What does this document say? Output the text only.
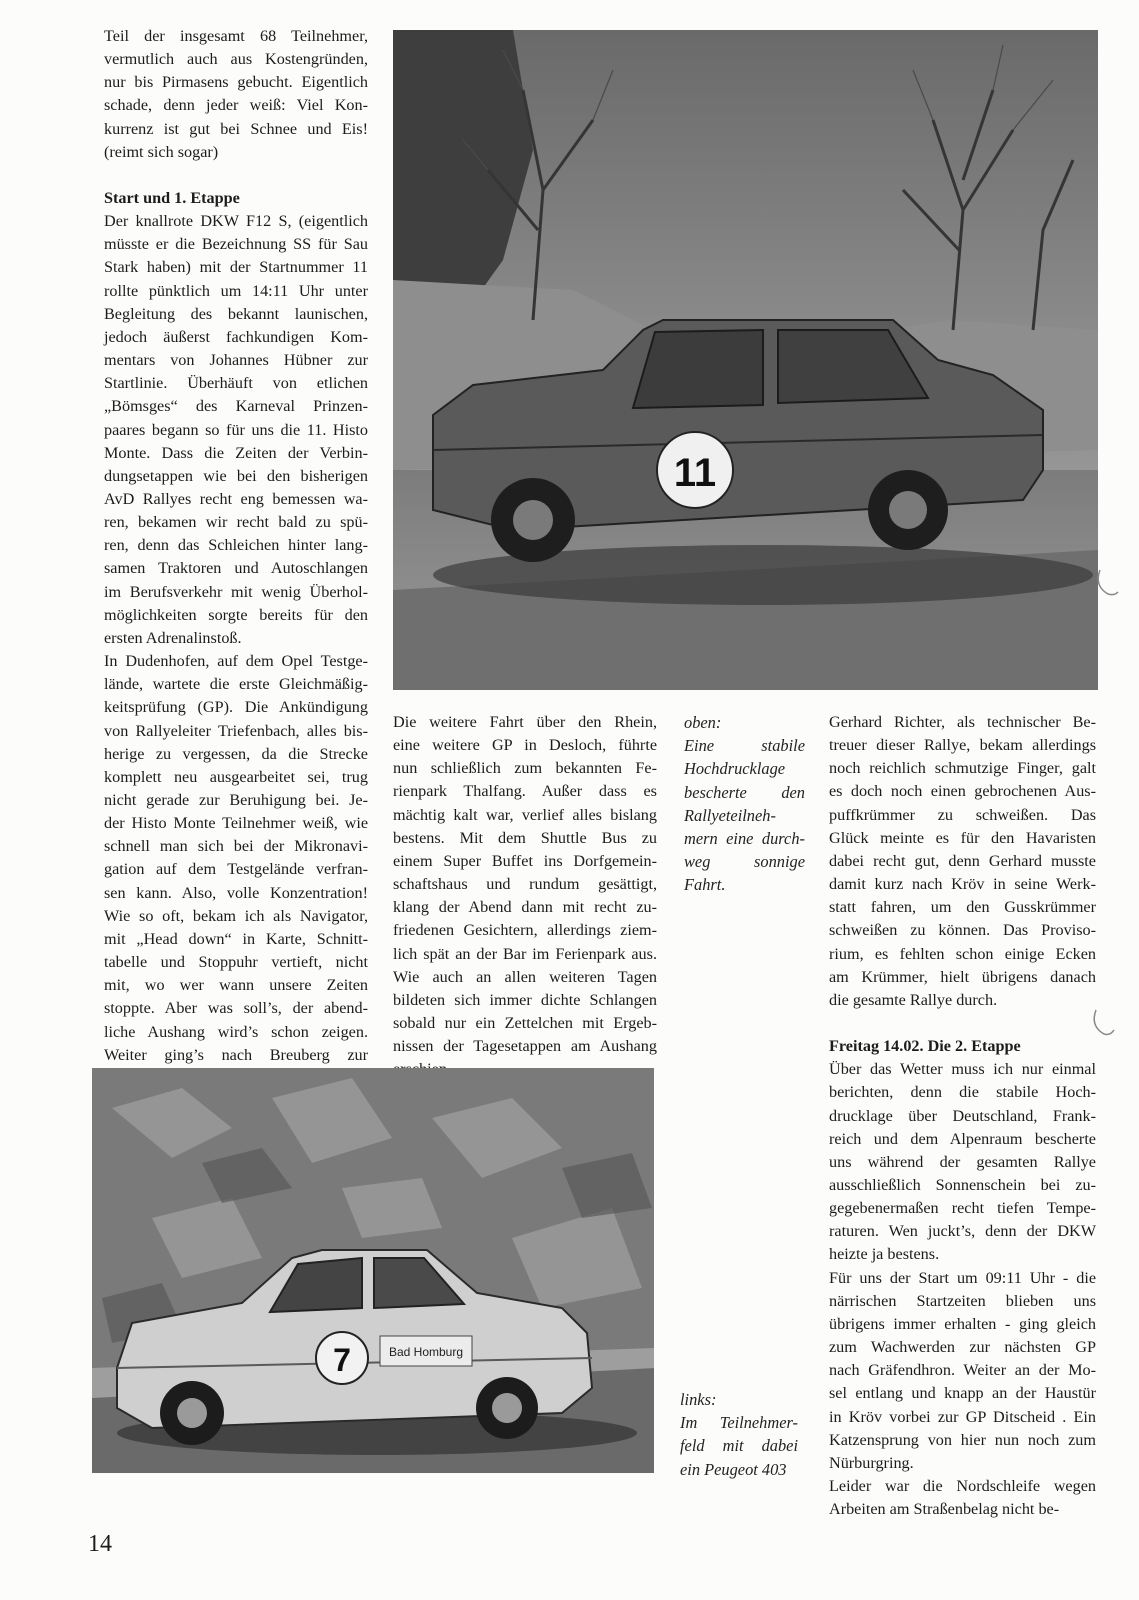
Teil der insgesamt 68 Teilnehmer,
vermutlich auch aus Kostengründen,
nur bis Pirmasens gebucht. Eigentlich
schade, denn jeder weiß: Viel Kon-
kurrenz ist gut bei Schnee und Eis!
(reimt sich sogar)
Start und 1. Etappe
Der knallrote DKW F12 S, (eigentlich
müsste er die Bezeichnung SS für Sau
Stark haben) mit der Startnummer 11
rollte pünktlich um 14:11 Uhr unter
Begleitung des bekannt launischen,
jedoch äußerst fachkundigen Kom-
mentars von Johannes Hübner zur
Startlinie. Überhäuft von etlichen
„Bömsges“ des Karneval Prinzen-
paares begann so für uns die 11. Histo
Monte. Dass die Zeiten der Verbin-
dungsetappen wie bei den bisherigen
AvD Rallyes recht eng bemessen wa-
ren, bekamen wir recht bald zu spü-
ren, denn das Schleichen hinter lang-
samen Traktoren und Autoschlangen
im Berufsverkehr mit wenig Überhol-
möglichkeiten sorgte bereits für den
ersten Adrenalinstoß.
In Dudenhofen, auf dem Opel Testge-
lände, wartete die erste Gleichmäßig-
keitsprüfung (GP). Die Ankündigung
von Rallyeleiter Triefenbach, alles bis-
herige zu vergessen, da die Strecke
komplett neu ausgearbeitet sei, trug
nicht gerade zur Beruhigung bei. Je-
der Histo Monte Teilnehmer weiß, wie
schnell man sich bei der Mikronavi-
gation auf dem Testgelände verfran-
sen kann. Also, volle Konzentration!
Wie so oft, bekam ich als Navigator,
mit „Head down“ in Karte, Schnitt-
tabelle und Stoppuhr vertieft, nicht
mit, wo wer wann unsere Zeiten
stoppte. Aber was soll’s, der abend-
liche Aushang wird’s schon zeigen.
Weiter ging’s nach Breuberg zur
11
Die weitere Fahrt über den Rhein,
eine weitere GP in Desloch, führte
nun schließlich zum bekannten Fe-
rienpark Thalfang. Außer dass es
mächtig kalt war, verlief alles bislang
bestens. Mit dem Shuttle Bus zu
einem Super Buffet ins Dorfgemein-
schaftshaus und rundum gesättigt,
klang der Abend dann mit recht zu-
friedenen Gesichtern, allerdings ziem-
lich spät an der Bar im Ferienpark aus.
Wie auch an allen weiteren Tagen
bildeten sich immer dichte Schlangen
sobald nur ein Zettelchen mit Ergeb-
nissen der Tagesetappen am Aushang
oben:
Eine stabile
Hochdrucklage
bescherte den
Rallyeteilneh-
mern eine durch-
weg sonnige
Fahrt.
Gerhard Richter, als technischer Be-
treuer dieser Rallye, bekam allerdings
noch reichlich schmutzige Finger, galt
es doch noch einen gebrochenen Aus-
puffkrümmer zu schweißen. Das
Glück meinte es für den Havaristen
dabei recht gut, denn Gerhard musste
damit kurz nach Kröv in seine Werk-
statt fahren, um den Gusskrümmer
schweißen zu können. Das Proviso-
rium, es fehlten schon einige Ecken
am Krümmer, hielt übrigens danach
die gesamte Rallye durch.
Freitag 14.02. Die 2. Etappe
Über das Wetter muss ich nur einmal
berichten, denn die stabile Hoch-
drucklage über Deutschland, Frank-
reich und dem Alpenraum bescherte
uns während der gesamten Rallye
ausschließlich Sonnenschein bei zu-
gegebenermaßen recht tiefen Tempe-
raturen. Wen juckt’s, denn der DKW
heizte ja bestens.
Für uns der Start um 09:11 Uhr - die
närrischen Startzeiten blieben uns
übrigens immer erhalten - ging gleich
zum Wachwerden zur nächsten GP
nach Gräfendhron. Weiter an der Mo-
sel entlang und knapp an der Haustür
in Kröv vorbei zur GP Ditscheid . Ein
Katzensprung von hier nun noch zum
Nürburgring.
Leider war die Nordschleife wegen
Arbeiten am Straßenbelag nicht be-
7	Bad Homburg
links:
Im Teilnehmer-
feld mit dabei
ein Peugeot 403
14
